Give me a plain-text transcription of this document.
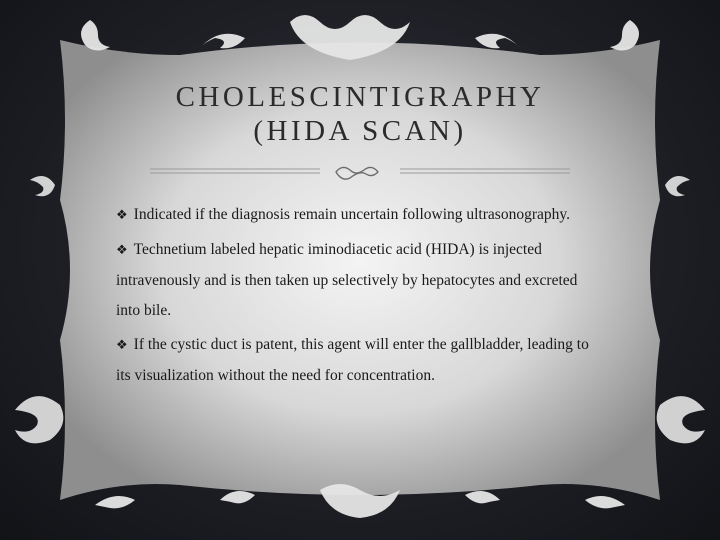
CHOLESCINTIGRAPHY
(HIDA SCAN)
❖ Indicated if the diagnosis remain uncertain following ultrasonography.
❖ Technetium labeled hepatic iminodiacetic acid (HIDA) is injected intravenously and is then taken up selectively by hepatocytes and excreted into bile.
❖ If the cystic duct is patent, this agent will enter the gallbladder, leading to its visualization without the need for concentration.
